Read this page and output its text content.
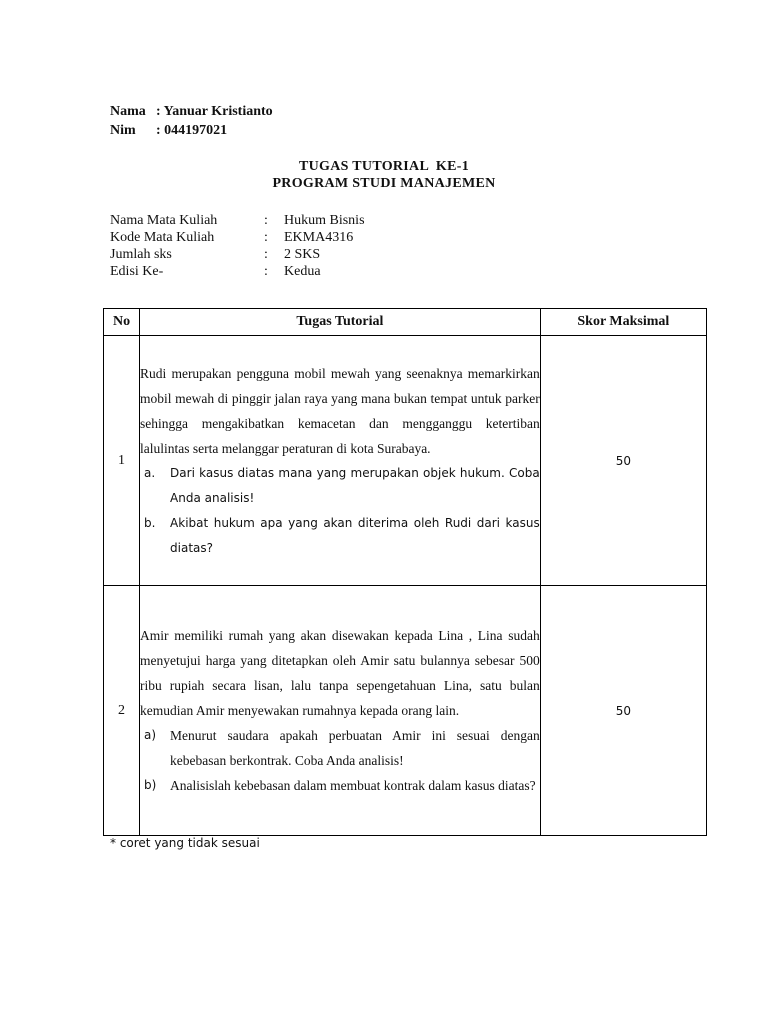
Nama : Yanuar Kristianto
Nim	: 044197021
TUGAS TUTORIAL  KE-1
PROGRAM STUDI MANAJEMEN
Nama Mata Kuliah	:	Hukum Bisnis
Kode Mata Kuliah	:	EKMA4316
Jumlah sks	:	2 SKS
Edisi Ke-	:	Kedua
No	Tugas Tutorial	Skor Maksimal
1	Rudi merupakan pengguna mobil mewah yang seenaknya memarkirkan mobil mewah di pinggir jalan raya yang mana bukan tempat untuk parker sehingga mengakibatkan kemacetan dan mengganggu ketertiban lalulintas serta melanggar peraturan di kota Surabaya.
a. Dari kasus diatas mana yang merupakan objek hukum. Coba Anda analisis!
b. Akibat hukum apa yang akan diterima oleh Rudi dari kasus diatas?	50
2	Amir memiliki rumah yang akan disewakan kepada Lina , Lina sudah menyetujui harga yang ditetapkan oleh Amir satu bulannya sebesar 500 ribu rupiah secara lisan, lalu tanpa sepengetahuan Lina, satu bulan kemudian Amir menyewakan rumahnya kepada orang lain.
a) Menurut saudara apakah perbuatan Amir ini sesuai dengan kebebasan berkontrak. Coba Anda analisis!
b) Analisislah kebebasan dalam membuat kontrak dalam kasus diatas?	50
* coret yang tidak sesuai
